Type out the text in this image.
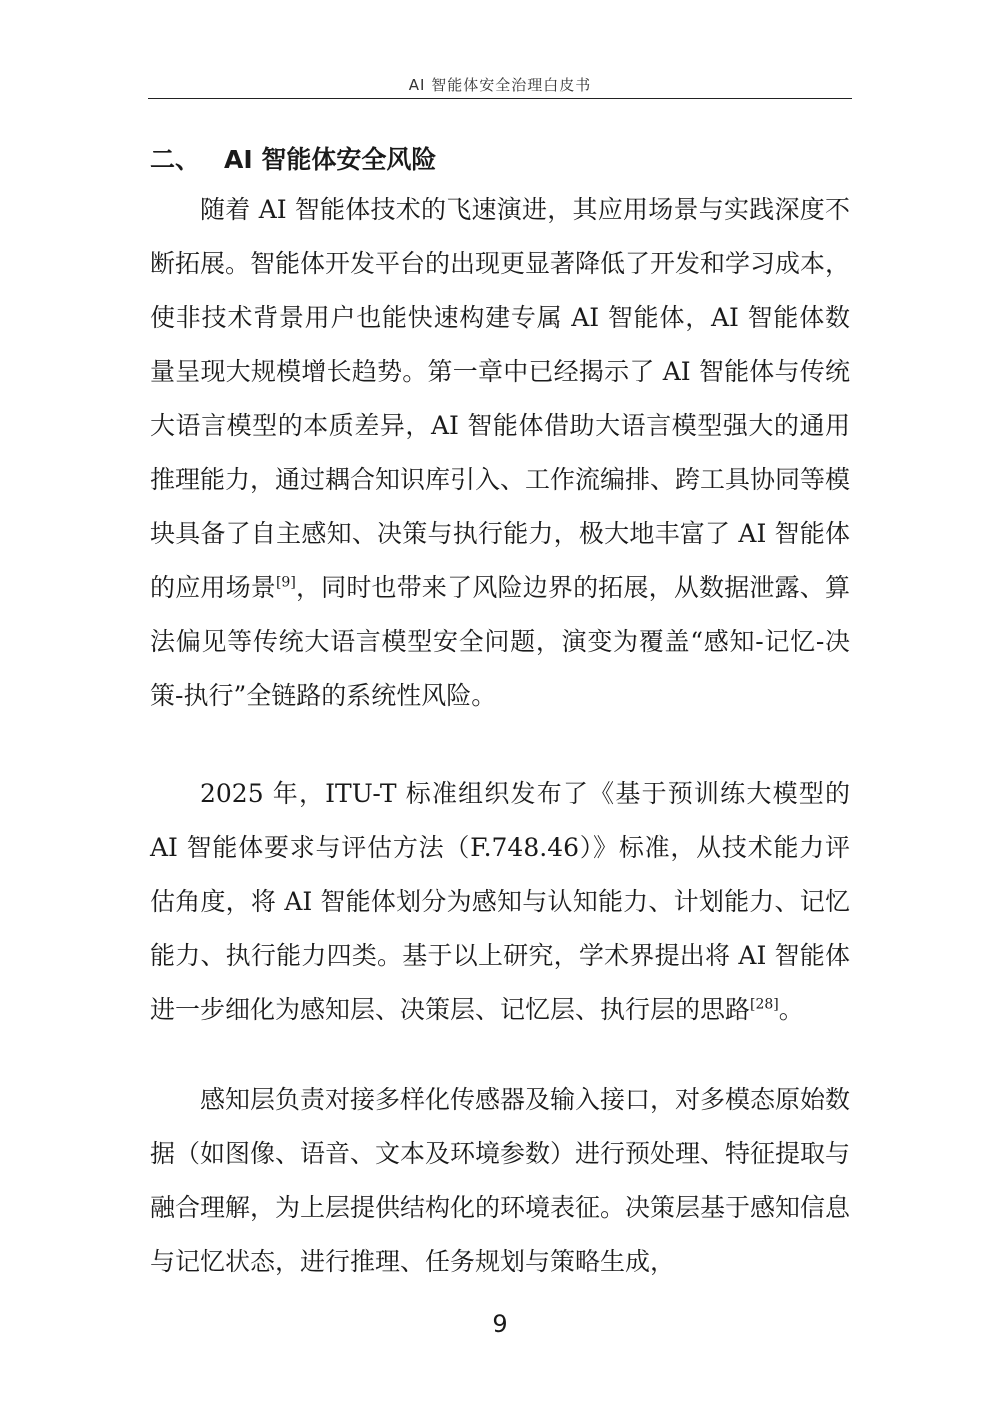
AI 智能体安全治理白皮书
二、 AI 智能体安全风险

随着 AI 智能体技术的飞速演进，其应用场景与实践深度不断拓展。智能体开发平台的出现更显著降低了开发和学习成本，使非技术背景用户也能快速构建专属 AI 智能体，AI 智能体数量呈现大规模增长趋势。第一章中已经揭示了 AI 智能体与传统大语言模型的本质差异，AI 智能体借助大语言模型强大的通用推理能力，通过耦合知识库引入、工作流编排、跨工具协同等模块具备了自主感知、决策与执行能力，极大地丰富了 AI 智能体的应用场景[9]，同时也带来了风险边界的拓展，从数据泄露、算法偏见等传统大语言模型安全问题，演变为覆盖“感知-记忆-决策-执行”全链路的系统性风险。

2025 年，ITU-T 标准组织发布了《基于预训练大模型的 AI 智能体要求与评估方法（F.748.46）》标准，从技术能力评估角度，将 AI 智能体划分为感知与认知能力、计划能力、记忆能力、执行能力四类。基于以上研究，学术界提出将 AI 智能体进一步细化为感知层、决策层、记忆层、执行层的思路[28]。

感知层负责对接多样化传感器及输入接口，对多模态原始数据（如图像、语音、文本及环境参数）进行预处理、特征提取与融合理解，为上层提供结构化的环境表征。决策层基于感知信息与记忆状态，进行推理、任务规划与策略生成，

9
